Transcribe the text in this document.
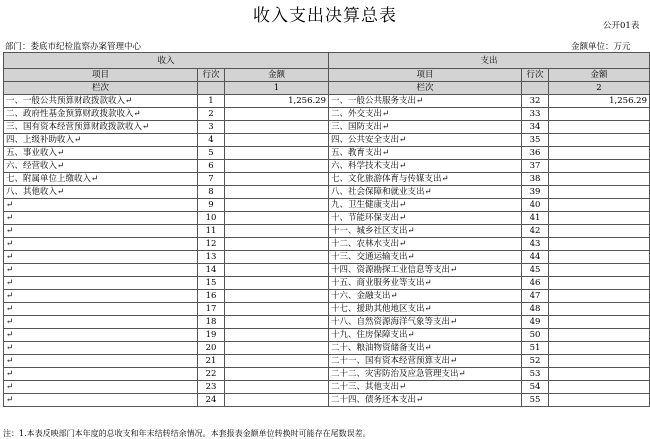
收入支出决算总表	公开01表
部门：娄底市纪检监察办案管理中心	金额单位：万元
收入			支出		
项目	行次	金额	项目	行次	金额
栏次		1	栏次		2
一、一般公共预算财政拨款收入↵	1	1,256.29	一、一般公共服务支出↵	32	1,256.29
二、政府性基金预算财政拨款收入↵	2		二、外交支出↵	33	
三、国有资本经营预算财政拨款收入↵	3		三、国防支出↵	34	
四、上级补助收入↵	4		四、公共安全支出↵	35	
五、事业收入↵	5		五、教育支出↵	36	
六、经营收入↵	6		六、科学技术支出↵	37	
七、附属单位上缴收入↵	7		七、文化旅游体育与传媒支出↵	38	
八、其他收入↵	8		八、社会保障和就业支出↵	39	
↵	9		九、卫生健康支出↵	40	
↵	10		十、节能环保支出↵	41	
↵	11		十一、城乡社区支出↵	42	
↵	12		十二、农林水支出↵	43	
↵	13		十三、交通运输支出↵	44	
↵	14		十四、资源勘探工业信息等支出↵	45	
↵	15		十五、商业服务业等支出↵	46	
↵	16		十六、金融支出↵	47	
↵	17		十七、援助其他地区支出↵	48	
↵	18		十八、自然资源海洋气象等支出↵	49	
↵	19		十九、住房保障支出↵	50	
↵	20		二十、粮油物资储备支出↵	51	
↵	21		二十一、国有资本经营预算支出↵	52	
↵	22		二十二、灾害防治及应急管理支出↵	53	
↵	23		二十三、其他支出↵	54	
↵	24		二十四、债务还本支出↵	55	
注：1.本表反映部门本年度的总收支和年末结转结余情况。本套报表金额单位转换时可能存在尾数误差。
